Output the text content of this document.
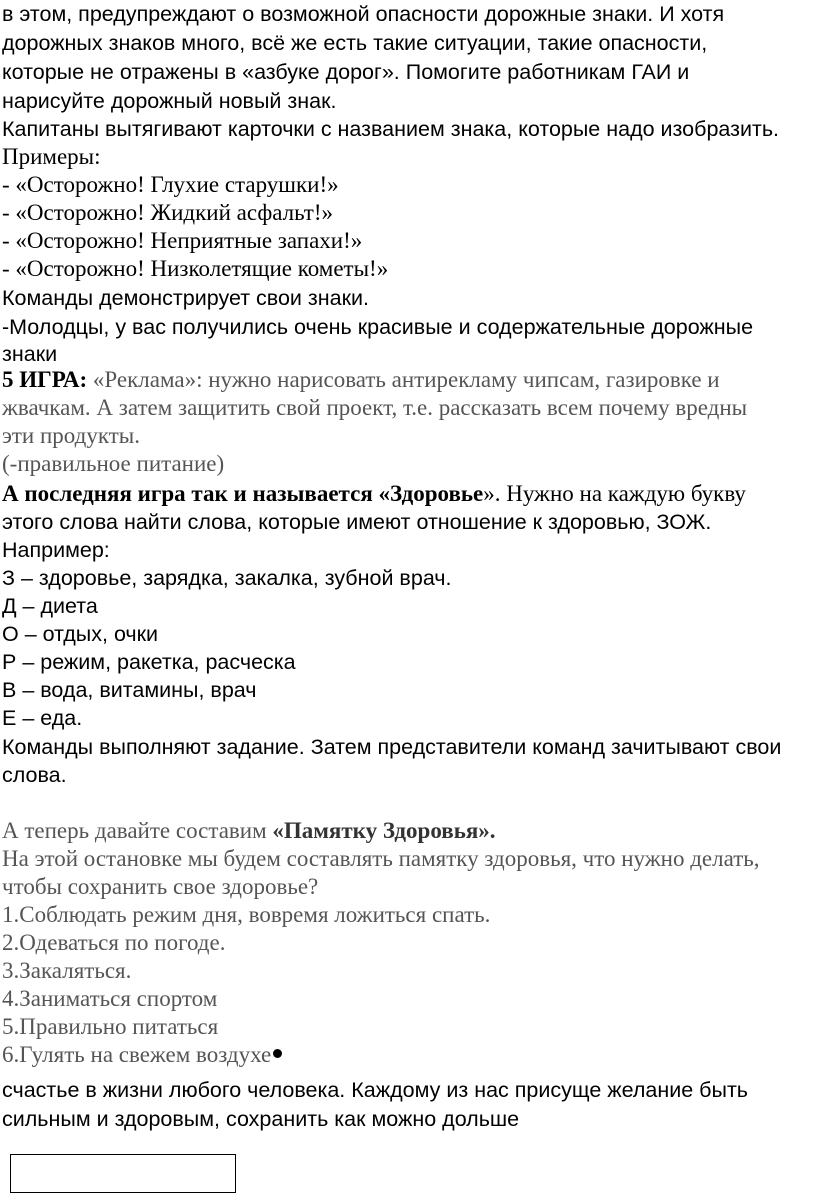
в этом, предупреждают о возможной опасности дорожные знаки. И хотя
дорожных знаков много, всё же есть такие ситуации, такие опасности,
которые не отражены в «азбуке дорог». Помогите работникам ГАИ и
нарисуйте дорожный новый знак.
Капитаны вытягивают карточки с названием знака, которые надо изобразить.
Примеры:
- «Осторожно! Глухие старушки!»
- «Осторожно! Жидкий асфальт!»
- «Осторожно! Неприятные запахи!»
- «Осторожно! Низколетящие кометы!»
Команды демонстрирует свои знаки.
-Молодцы, у вас получились очень красивые и содержательные дорожные
знаки
5 ИГРА: «Реклама»: нужно нарисовать антирекламу чипсам, газировке и
жвачкам. А затем защитить свой проект, т.е. рассказать всем почему вредны
эти продукты.
(-правильное питание)
А последняя игра так и называется «Здоровье». Нужно на каждую букву
этого слова найти слова, которые имеют отношение к здоровью, ЗОЖ.
Например:
З – здоровье, зарядка, закалка, зубной врач.
Д – диета
О – отдых, очки
Р – режим, ракетка, расческа
В – вода, витамины, врач
Е – еда.
Команды выполняют задание. Затем представители команд зачитывают свои
слова.
А теперь давайте составим «Памятку Здоровья».
На этой остановке мы будем составлять памятку здоровья, что нужно делать,
чтобы сохранить свое здоровье?
1.Соблюдать режим дня, вовремя ложиться спать.
2.Одеваться по погоде.
3.Закаляться.
4.Заниматься спортом
5.Правильно питаться
6.Гулять на свежем воздухе
счастье в жизни любого человека. Каждому из нас присуще желание быть
сильным и здоровым, сохранить как можно дольше
